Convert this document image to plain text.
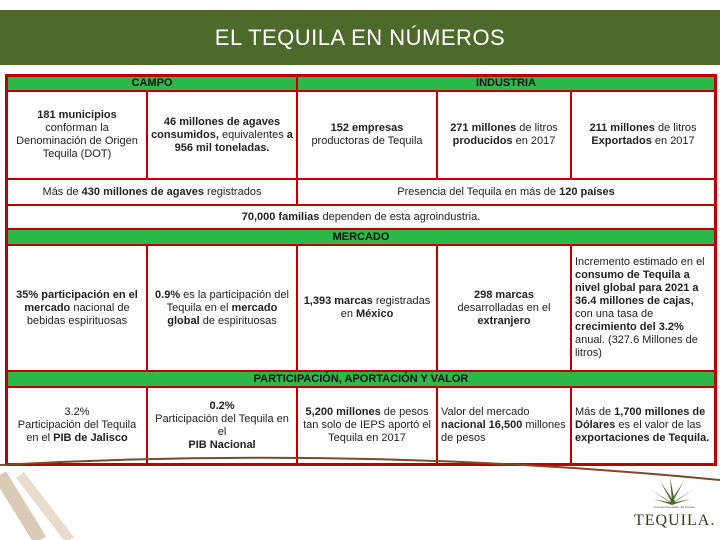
EL TEQUILA EN NÚMEROS
CAMPO	INDUSTRIA
181 municipios conforman la Denominación de Origen Tequila (DOT)
46 millones de agaves consumidos, equivalentes a 956 mil toneladas.
152 empresas productoras de Tequila
271 millones de litros producidos en 2017
211 millones de litros Exportados en 2017
Más de 430 millones de agaves registrados	Presencia del Tequila en más de 120 países
70,000 familias dependen de esta agroindustria.
MERCADO
35% participación en el mercado nacional de bebidas espirituosas
0.9% es la participación del Tequila en el mercado global de espirituosas
1,393 marcas registradas en México
298 marcas desarrolladas en el extranjero
Incremento estimado en el consumo de Tequila a nivel global para 2021 a 36.4 millones de cajas, con una tasa de crecimiento del 3.2% anual. (327.6 Millones de litros)
PARTICIPACIÓN, APORTACIÓN Y VALOR
3.2%
Participación del Tequila en el PIB de Jalisco
0.2%
Participación del Tequila en el
PIB Nacional
5,200 millones de pesos tan solo de IEPS aportó el Tequila en 2017
Valor del mercado nacional 16,500 millones de pesos
Más de 1,700 millones de Dólares es el valor de las exportaciones de Tequila.
Consejo Regulador del Tequila
TEQUILA.
